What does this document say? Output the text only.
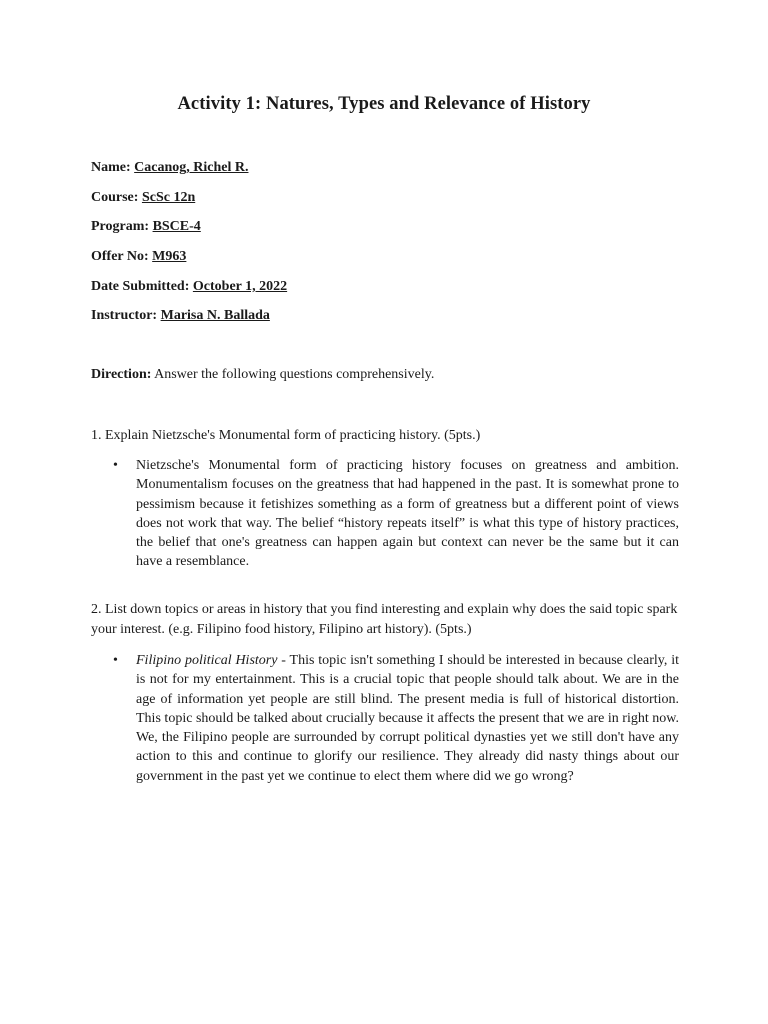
Activity 1: Natures, Types and Relevance of History
Name: Cacanog, Richel R.
Course: ScSc 12n
Program: BSCE-4
Offer No: M963
Date Submitted: October 1, 2022
Instructor: Marisa N. Ballada
Direction: Answer the following questions comprehensively.
1. Explain Nietzsche's Monumental form of practicing history. (5pts.)
• Nietzsche's Monumental form of practicing history focuses on greatness and ambition. Monumentalism focuses on the greatness that had happened in the past. It is somewhat prone to pessimism because it fetishizes something as a form of greatness but a different point of views does not work that way. The belief “history repeats itself” is what this type of history practices, the belief that one's greatness can happen again but context can never be the same but it can have a resemblance.
2. List down topics or areas in history that you find interesting and explain why does the said topic spark your interest. (e.g. Filipino food history, Filipino art history). (5pts.)
• Filipino political History - This topic isn't something I should be interested in because clearly, it is not for my entertainment. This is a crucial topic that people should talk about. We are in the age of information yet people are still blind. The present media is full of historical distortion. This topic should be talked about crucially because it affects the present that we are in right now. We, the Filipino people are surrounded by corrupt political dynasties yet we still don't have any action to this and continue to glorify our resilience. They already did nasty things about our government in the past yet we continue to elect them where did we go wrong?
